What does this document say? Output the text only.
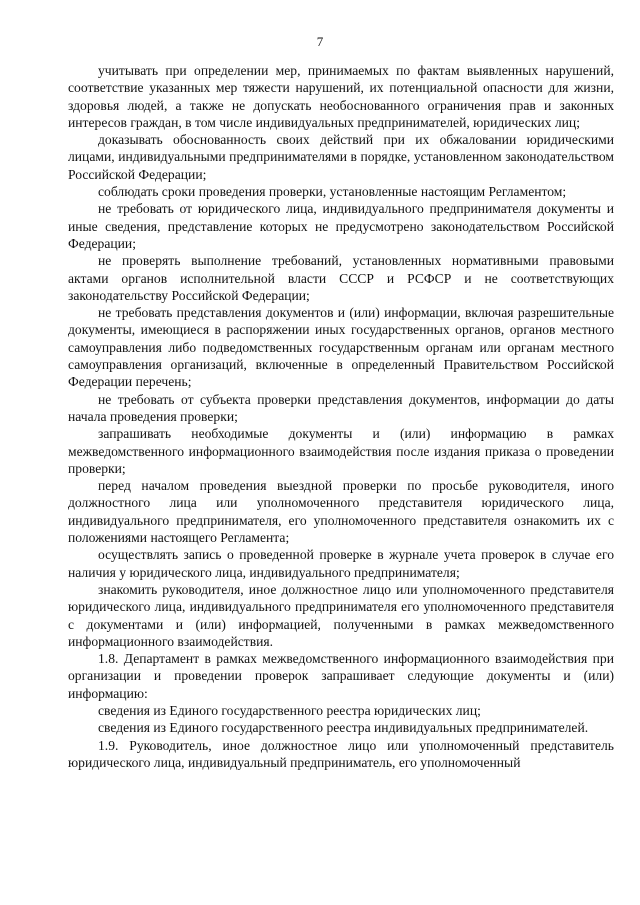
7

учитывать при определении мер, принимаемых по фактам выявленных нарушений, соответствие указанных мер тяжести нарушений, их потенциальной опасности для жизни, здоровья людей, а также не допускать необоснованного ограничения прав и законных интересов граждан, в том числе индивидуальных предпринимателей, юридических лиц;

доказывать обоснованность своих действий при их обжаловании юридическими лицами, индивидуальными предпринимателями в порядке, установленном законодательством Российской Федерации;

соблюдать сроки проведения проверки, установленные настоящим Регламентом;

не требовать от юридического лица, индивидуального предпринимателя документы и иные сведения, представление которых не предусмотрено законодательством Российской Федерации;

не проверять выполнение требований, установленных нормативными правовыми актами органов исполнительной власти СССР и РСФСР и не соответствующих законодательству Российской Федерации;

не требовать представления документов и (или) информации, включая разрешительные документы, имеющиеся в распоряжении иных государственных органов, органов местного самоуправления либо подведомственных государственным органам или органам местного самоуправления организаций, включенные в определенный Правительством Российской Федерации перечень;

не требовать от субъекта проверки представления документов, информации до даты начала проведения проверки;

запрашивать необходимые документы и (или) информацию в рамках межведомственного информационного взаимодействия после издания приказа о проведении проверки;

перед началом проведения выездной проверки по просьбе руководителя, иного должностного лица или уполномоченного представителя юридического лица, индивидуального предпринимателя, его уполномоченного представителя ознакомить их с положениями настоящего Регламента;

осуществлять запись о проведенной проверке в журнале учета проверок в случае его наличия у юридического лица, индивидуального предпринимателя;

знакомить руководителя, иное должностное лицо или уполномоченного представителя юридического лица, индивидуального предпринимателя его уполномоченного представителя с документами и (или) информацией, полученными в рамках межведомственного информационного взаимодействия.

1.8. Департамент в рамках межведомственного информационного взаимодействия при организации и проведении проверок запрашивает следующие документы и (или) информацию:

сведения из Единого государственного реестра юридических лиц;

сведения из Единого государственного реестра индивидуальных предпринимателей.

1.9. Руководитель, иное должностное лицо или уполномоченный представитель юридического лица, индивидуальный предприниматель, его уполномоченный
